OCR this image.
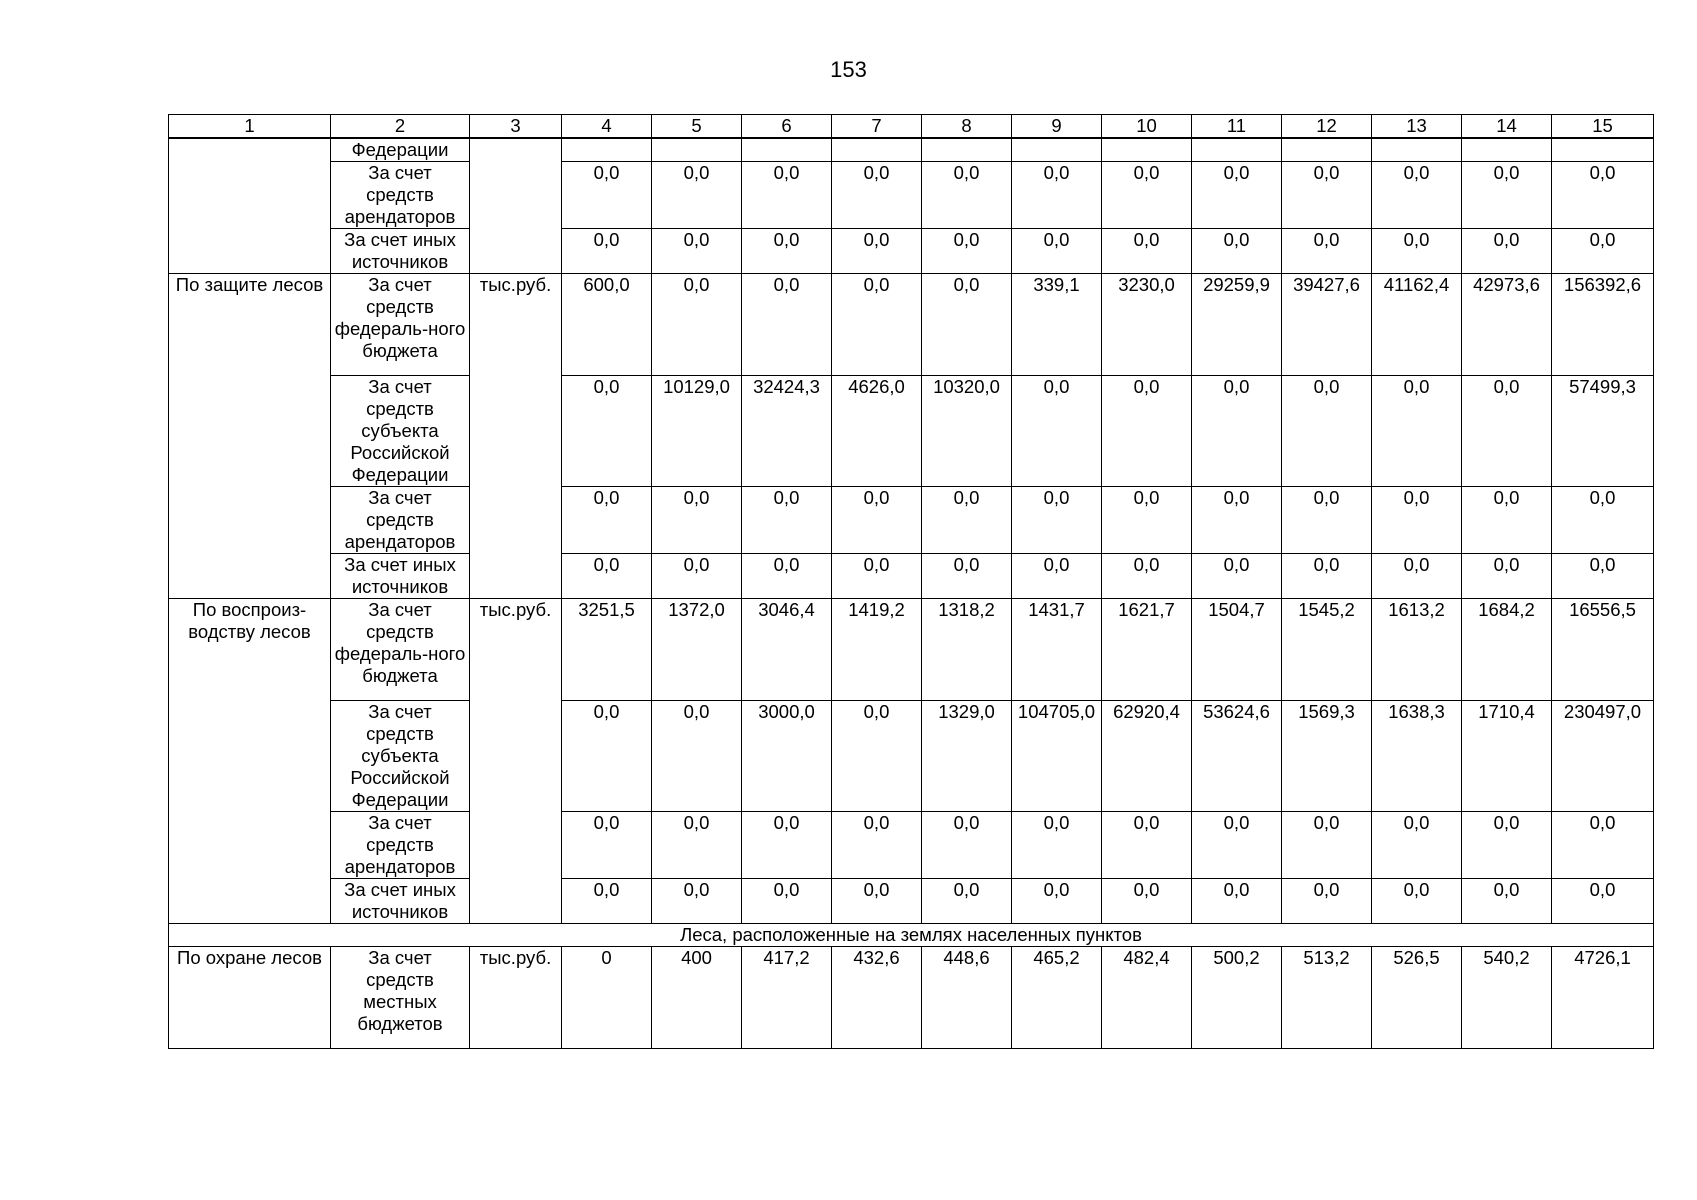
153
1	2	3	4	5	6	7	8	9	10	11	12	13	14	15
	Федерации													
	За счет средств арендаторов		0,0	0,0	0,0	0,0	0,0	0,0	0,0	0,0	0,0	0,0	0,0	0,0
	За счет иных источников		0,0	0,0	0,0	0,0	0,0	0,0	0,0	0,0	0,0	0,0	0,0	0,0
По защите лесов	За счет средств федераль-ного бюджета	тыс.руб.	600,0	0,0	0,0	0,0	0,0	339,1	3230,0	29259,9	39427,6	41162,4	42973,6	156392,6
	За счет средств субъекта Российской Федерации		0,0	10129,0	32424,3	4626,0	10320,0	0,0	0,0	0,0	0,0	0,0	0,0	57499,3
	За счет средств арендаторов		0,0	0,0	0,0	0,0	0,0	0,0	0,0	0,0	0,0	0,0	0,0	0,0
	За счет иных источников		0,0	0,0	0,0	0,0	0,0	0,0	0,0	0,0	0,0	0,0	0,0	0,0
По воспроиз-водству лесов	За счет средств федераль-ного бюджета	тыс.руб.	3251,5	1372,0	3046,4	1419,2	1318,2	1431,7	1621,7	1504,7	1545,2	1613,2	1684,2	16556,5
	За счет средств субъекта Российской Федерации		0,0	0,0	3000,0	0,0	1329,0	104705,0	62920,4	53624,6	1569,3	1638,3	1710,4	230497,0
	За счет средств арендаторов		0,0	0,0	0,0	0,0	0,0	0,0	0,0	0,0	0,0	0,0	0,0	0,0
	За счет иных источников		0,0	0,0	0,0	0,0	0,0	0,0	0,0	0,0	0,0	0,0	0,0	0,0
Леса, расположенные на землях населенных пунктов														
По охране лесов	За счет средств местных бюджетов	тыс.руб.	0	400	417,2	432,6	448,6	465,2	482,4	500,2	513,2	526,5	540,2	4726,1
